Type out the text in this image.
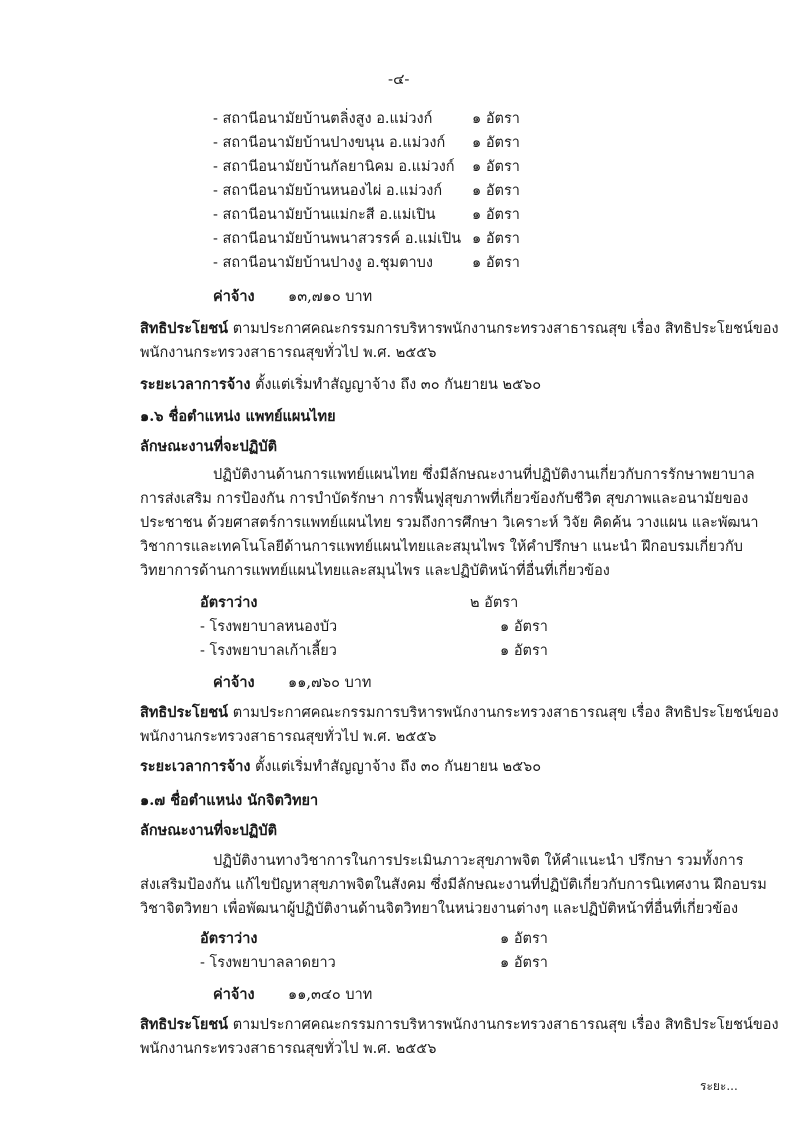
-๔-
- สถานีอนามัยบ้านตลิ่งสูง อ.แม่วงก์	๑ อัตรา
- สถานีอนามัยบ้านปางขนุน อ.แม่วงก์ ๑ อัตรา
- สถานีอนามัยบ้านกัลยานิคม อ.แม่วงก์ ๑ อัตรา
- สถานีอนามัยบ้านหนองไผ่ อ.แม่วงก์ ๑ อัตรา
- สถานีอนามัยบ้านแม่กะสี อ.แม่เปิน	๑ อัตรา
- สถานีอนามัยบ้านพนาสวรรค์ อ.แม่เปิน ๑ อัตรา
- สถานีอนามัยบ้านปางงู อ.ชุมตาบง	๑ อัตรา
ค่าจ้าง ๑๓,๗๑๐ บาท
สิทธิประโยชน์ ตามประกาศคณะกรรมการบริหารพนักงานกระทรวงสาธารณสุข เรื่อง สิทธิประโยชน์ของ
พนักงานกระทรวงสาธารณสุขทั่วไป พ.ศ. ๒๕๕๖
ระยะเวลาการจ้าง ตั้งแต่เริ่มทำสัญญาจ้าง ถึง ๓๐ กันยายน ๒๕๖๐
๑.๖ ชื่อตำแหน่ง แพทย์แผนไทย
ลักษณะงานที่จะปฏิบัติ
ปฏิบัติงานด้านการแพทย์แผนไทย ซึ่งมีลักษณะงานที่ปฏิบัติงานเกี่ยวกับการรักษาพยาบาล
การส่งเสริม การป้องกัน การบำบัดรักษา การฟื้นฟูสุขภาพที่เกี่ยวข้องกับชีวิต สุขภาพและอนามัยของ
ประชาชน ด้วยศาสตร์การแพทย์แผนไทย รวมถึงการศึกษา วิเคราะห์ วิจัย คิดค้น วางแผน และพัฒนา
วิชาการและเทคโนโลยีด้านการแพทย์แผนไทยและสมุนไพร ให้คำปรึกษา แนะนำ ฝึกอบรมเกี่ยวกับ
วิทยาการด้านการแพทย์แผนไทยและสมุนไพร และปฏิบัติหน้าที่อื่นที่เกี่ยวข้อง
อัตราว่าง	๒ อัตรา
- โรงพยาบาลหนองบัว	๑ อัตรา
- โรงพยาบาลเก้าเลี้ยว	๑ อัตรา
ค่าจ้าง ๑๑,๗๖๐ บาท
สิทธิประโยชน์ ตามประกาศคณะกรรมการบริหารพนักงานกระทรวงสาธารณสุข เรื่อง สิทธิประโยชน์ของ
พนักงานกระทรวงสาธารณสุขทั่วไป พ.ศ. ๒๕๕๖
ระยะเวลาการจ้าง ตั้งแต่เริ่มทำสัญญาจ้าง ถึง ๓๐ กันยายน ๒๕๖๐
๑.๗ ชื่อตำแหน่ง นักจิตวิทยา
ลักษณะงานที่จะปฏิบัติ
ปฏิบัติงานทางวิชาการในการประเมินภาวะสุขภาพจิต ให้คำแนะนำ ปรึกษา รวมทั้งการ
ส่งเสริมป้องกัน แก้ไขปัญหาสุขภาพจิตในสังคม ซึ่งมีลักษณะงานที่ปฏิบัติเกี่ยวกับการนิเทศงาน ฝึกอบรม
วิชาจิตวิทยา เพื่อพัฒนาผู้ปฏิบัติงานด้านจิตวิทยาในหน่วยงานต่างๆ และปฏิบัติหน้าที่อื่นที่เกี่ยวข้อง
อัตราว่าง	๑ อัตรา
- โรงพยาบาลลาดยาว	๑ อัตรา
ค่าจ้าง ๑๑,๓๔๐ บาท
สิทธิประโยชน์ ตามประกาศคณะกรรมการบริหารพนักงานกระทรวงสาธารณสุข เรื่อง สิทธิประโยชน์ของ
พนักงานกระทรวงสาธารณสุขทั่วไป พ.ศ. ๒๕๕๖
ระยะ...
